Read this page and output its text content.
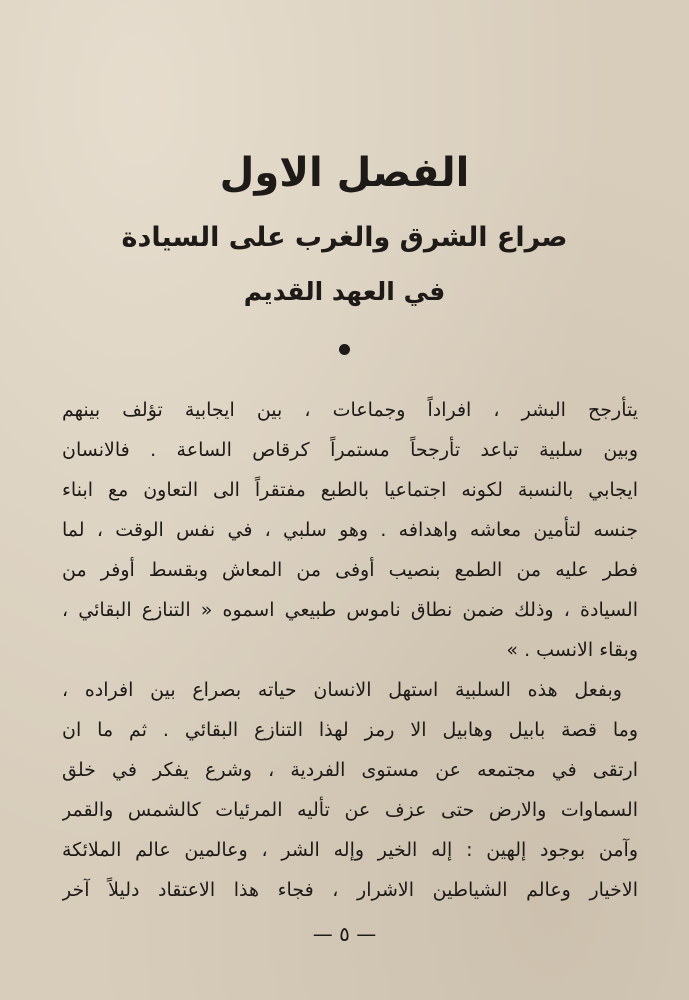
الفصل الاول
صراع الشرق والغرب على السيادة
في العهد القديم
يتأرجح البشر ، افراداً وجماعات ، بين ايجابية تؤلف بينهم
وبين سلبية تباعد تأرجحاً مستمراً كرقاص الساعة . فالانسان
ايجابي بالنسبة لكونه اجتماعيا بالطبع مفتقراً الى التعاون مع ابناء
جنسه لتأمين معاشه واهدافه . وهو سلبي ، في نفس الوقت ، لما
فطر عليه من الطمع بنصيب أوفى من المعاش وبقسط أوفر من
السيادة ، وذلك ضمن نطاق ناموس طبيعي اسموه « التنازع البقائي ،
وبقاء الانسب . »
وبفعل هذه السلبية استهل الانسان حياته بصراع بين افراده ،
وما قصة بابيل وهابيل الا رمز لهذا التنازع البقائي . ثم ما ان
ارتقى في مجتمعه عن مستوى الفردية ، وشرع يفكر في خلق
السماوات والارض حتى عزف عن تأليه المرئيات كالشمس والقمر
وآمن بوجود إلهين : إله الخير وإله الشر ، وعالمين عالم الملائكة
الاخيار وعالم الشياطين الاشرار ، فجاء هذا الاعتقاد دليلاً آخر
— ٥ —
